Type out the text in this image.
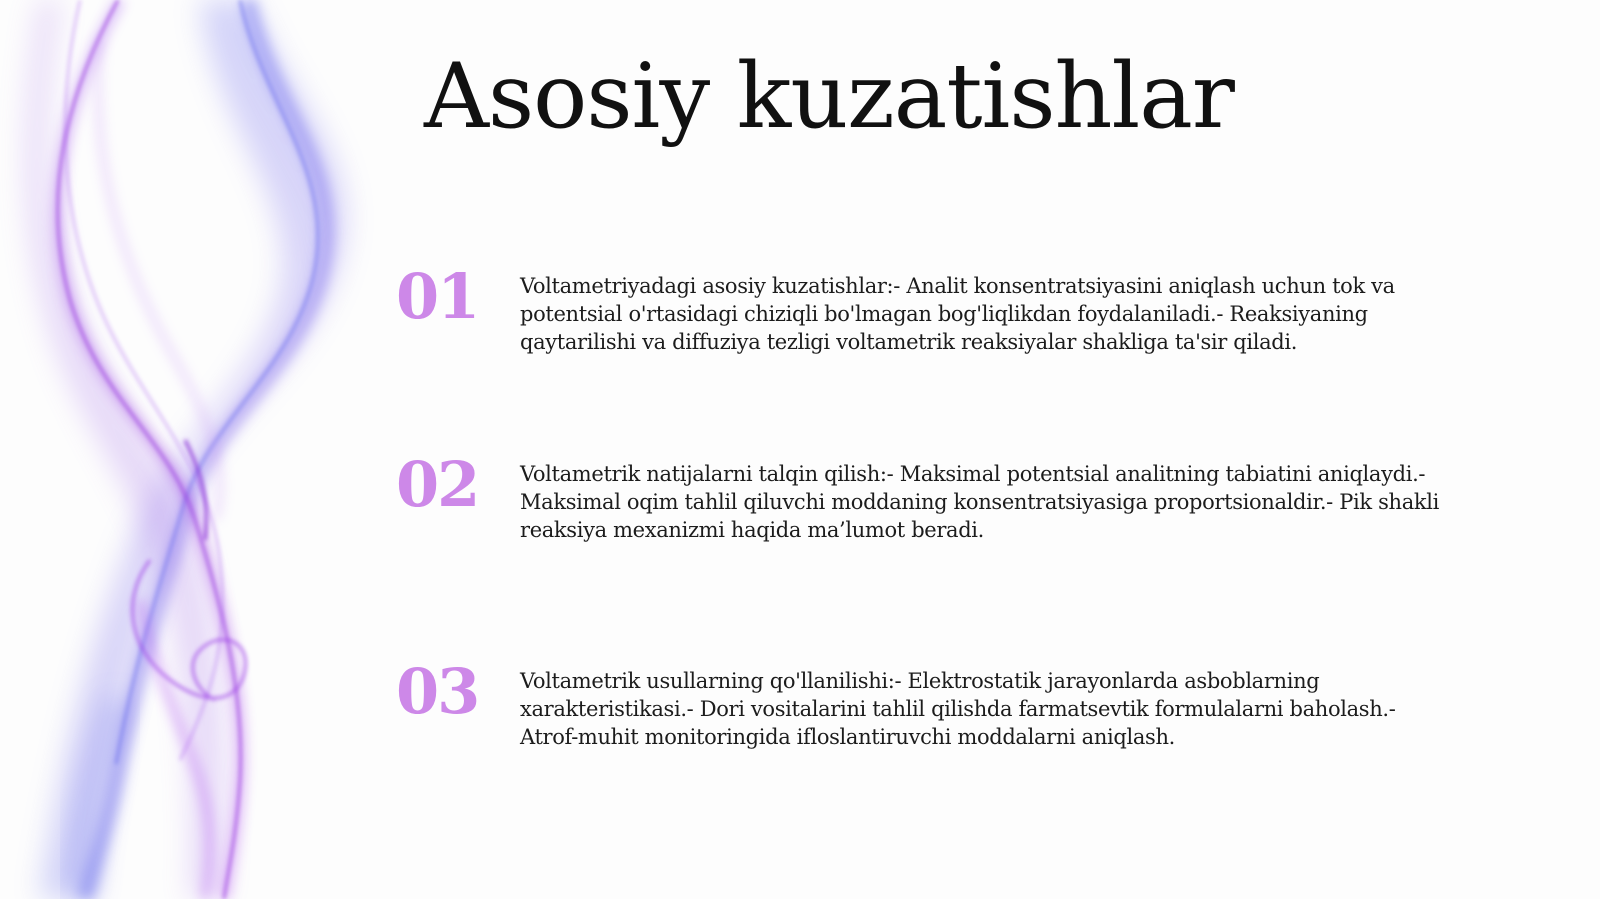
Asosiy kuzatishlar
01 Voltametriyadagi asosiy kuzatishlar:- Analit konsentratsiyasini aniqlash uchun tok va potentsial o'rtasidagi chiziqli bo'lmagan bog'liqlikdan foydalaniladi.- Reaksiyaning qaytarilishi va diffuziya tezligi voltametrik reaksiyalar shakliga ta'sir qiladi.

02 Voltametrik natijalarni talqin qilish:- Maksimal potentsial analitning tabiatini aniqlaydi.- Maksimal oqim tahlil qiluvchi moddaning konsentratsiyasiga proportsionaldir.- Pik shakli reaksiya mexanizmi haqida ma’lumot beradi.

03 Voltametrik usullarning qo'llanilishi:- Elektrostatik jarayonlarda asboblarning xarakteristikasi.- Dori vositalarini tahlil qilishda farmatsevtik formulalarni baholash.- Atrof-muhit monitoringida ifloslantiruvchi moddalarni aniqlash.
